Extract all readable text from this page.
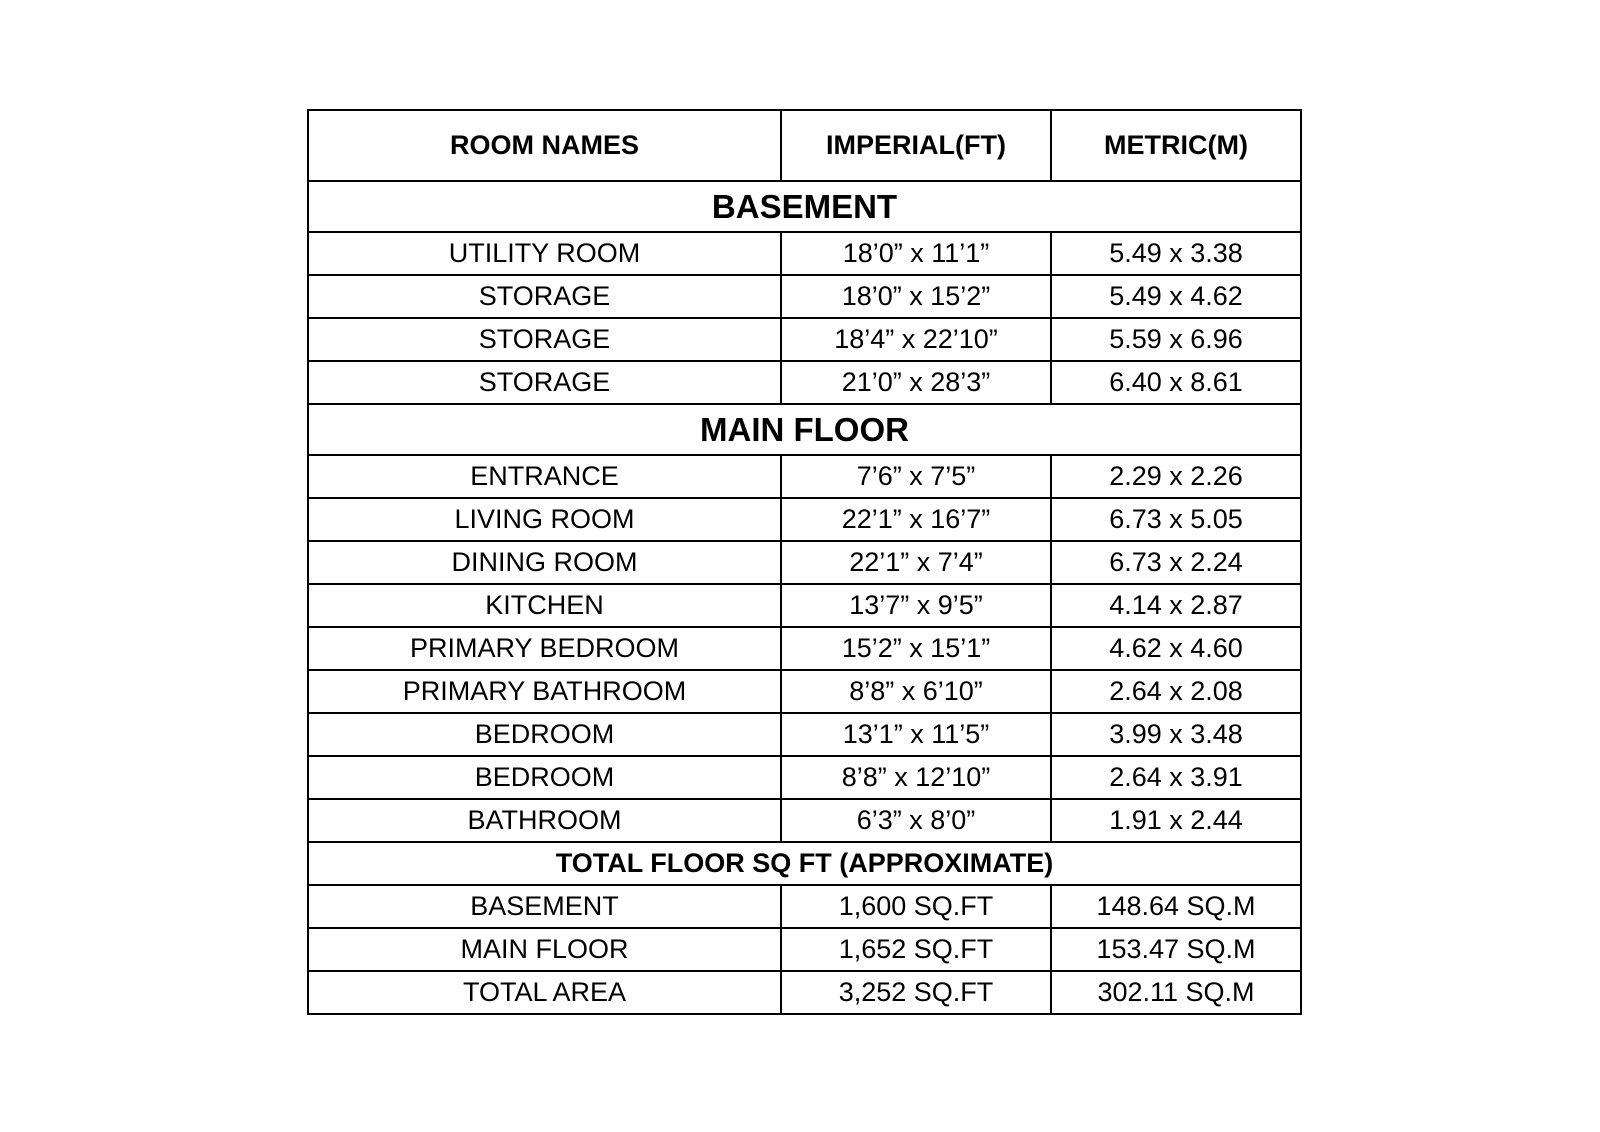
ROOM NAMES	IMPERIAL(FT)	METRIC(M)
BASEMENT		
UTILITY ROOM	18’0” x 11’1”	5.49 x 3.38
STORAGE	18’0” x 15’2”	5.49 x 4.62
STORAGE	18’4” x 22’10”	5.59 x 6.96
STORAGE	21’0” x 28’3”	6.40 x 8.61
MAIN FLOOR		
ENTRANCE	7’6” x 7’5”	2.29 x 2.26
LIVING ROOM	22’1” x 16’7”	6.73 x 5.05
DINING ROOM	22’1” x 7’4”	6.73 x 2.24
KITCHEN	13’7” x 9’5”	4.14 x 2.87
PRIMARY BEDROOM	15’2” x 15’1”	4.62 x 4.60
PRIMARY BATHROOM	8’8” x 6’10”	2.64 x 2.08
BEDROOM	13’1” x 11’5”	3.99 x 3.48
BEDROOM	8’8” x 12’10”	2.64 x 3.91
BATHROOM	6’3” x 8’0”	1.91 x 2.44
TOTAL FLOOR SQ FT (APPROXIMATE)		
BASEMENT	1,600 SQ.FT	148.64 SQ.M
MAIN FLOOR	1,652 SQ.FT	153.47 SQ.M
TOTAL AREA	3,252 SQ.FT	302.11 SQ.M
